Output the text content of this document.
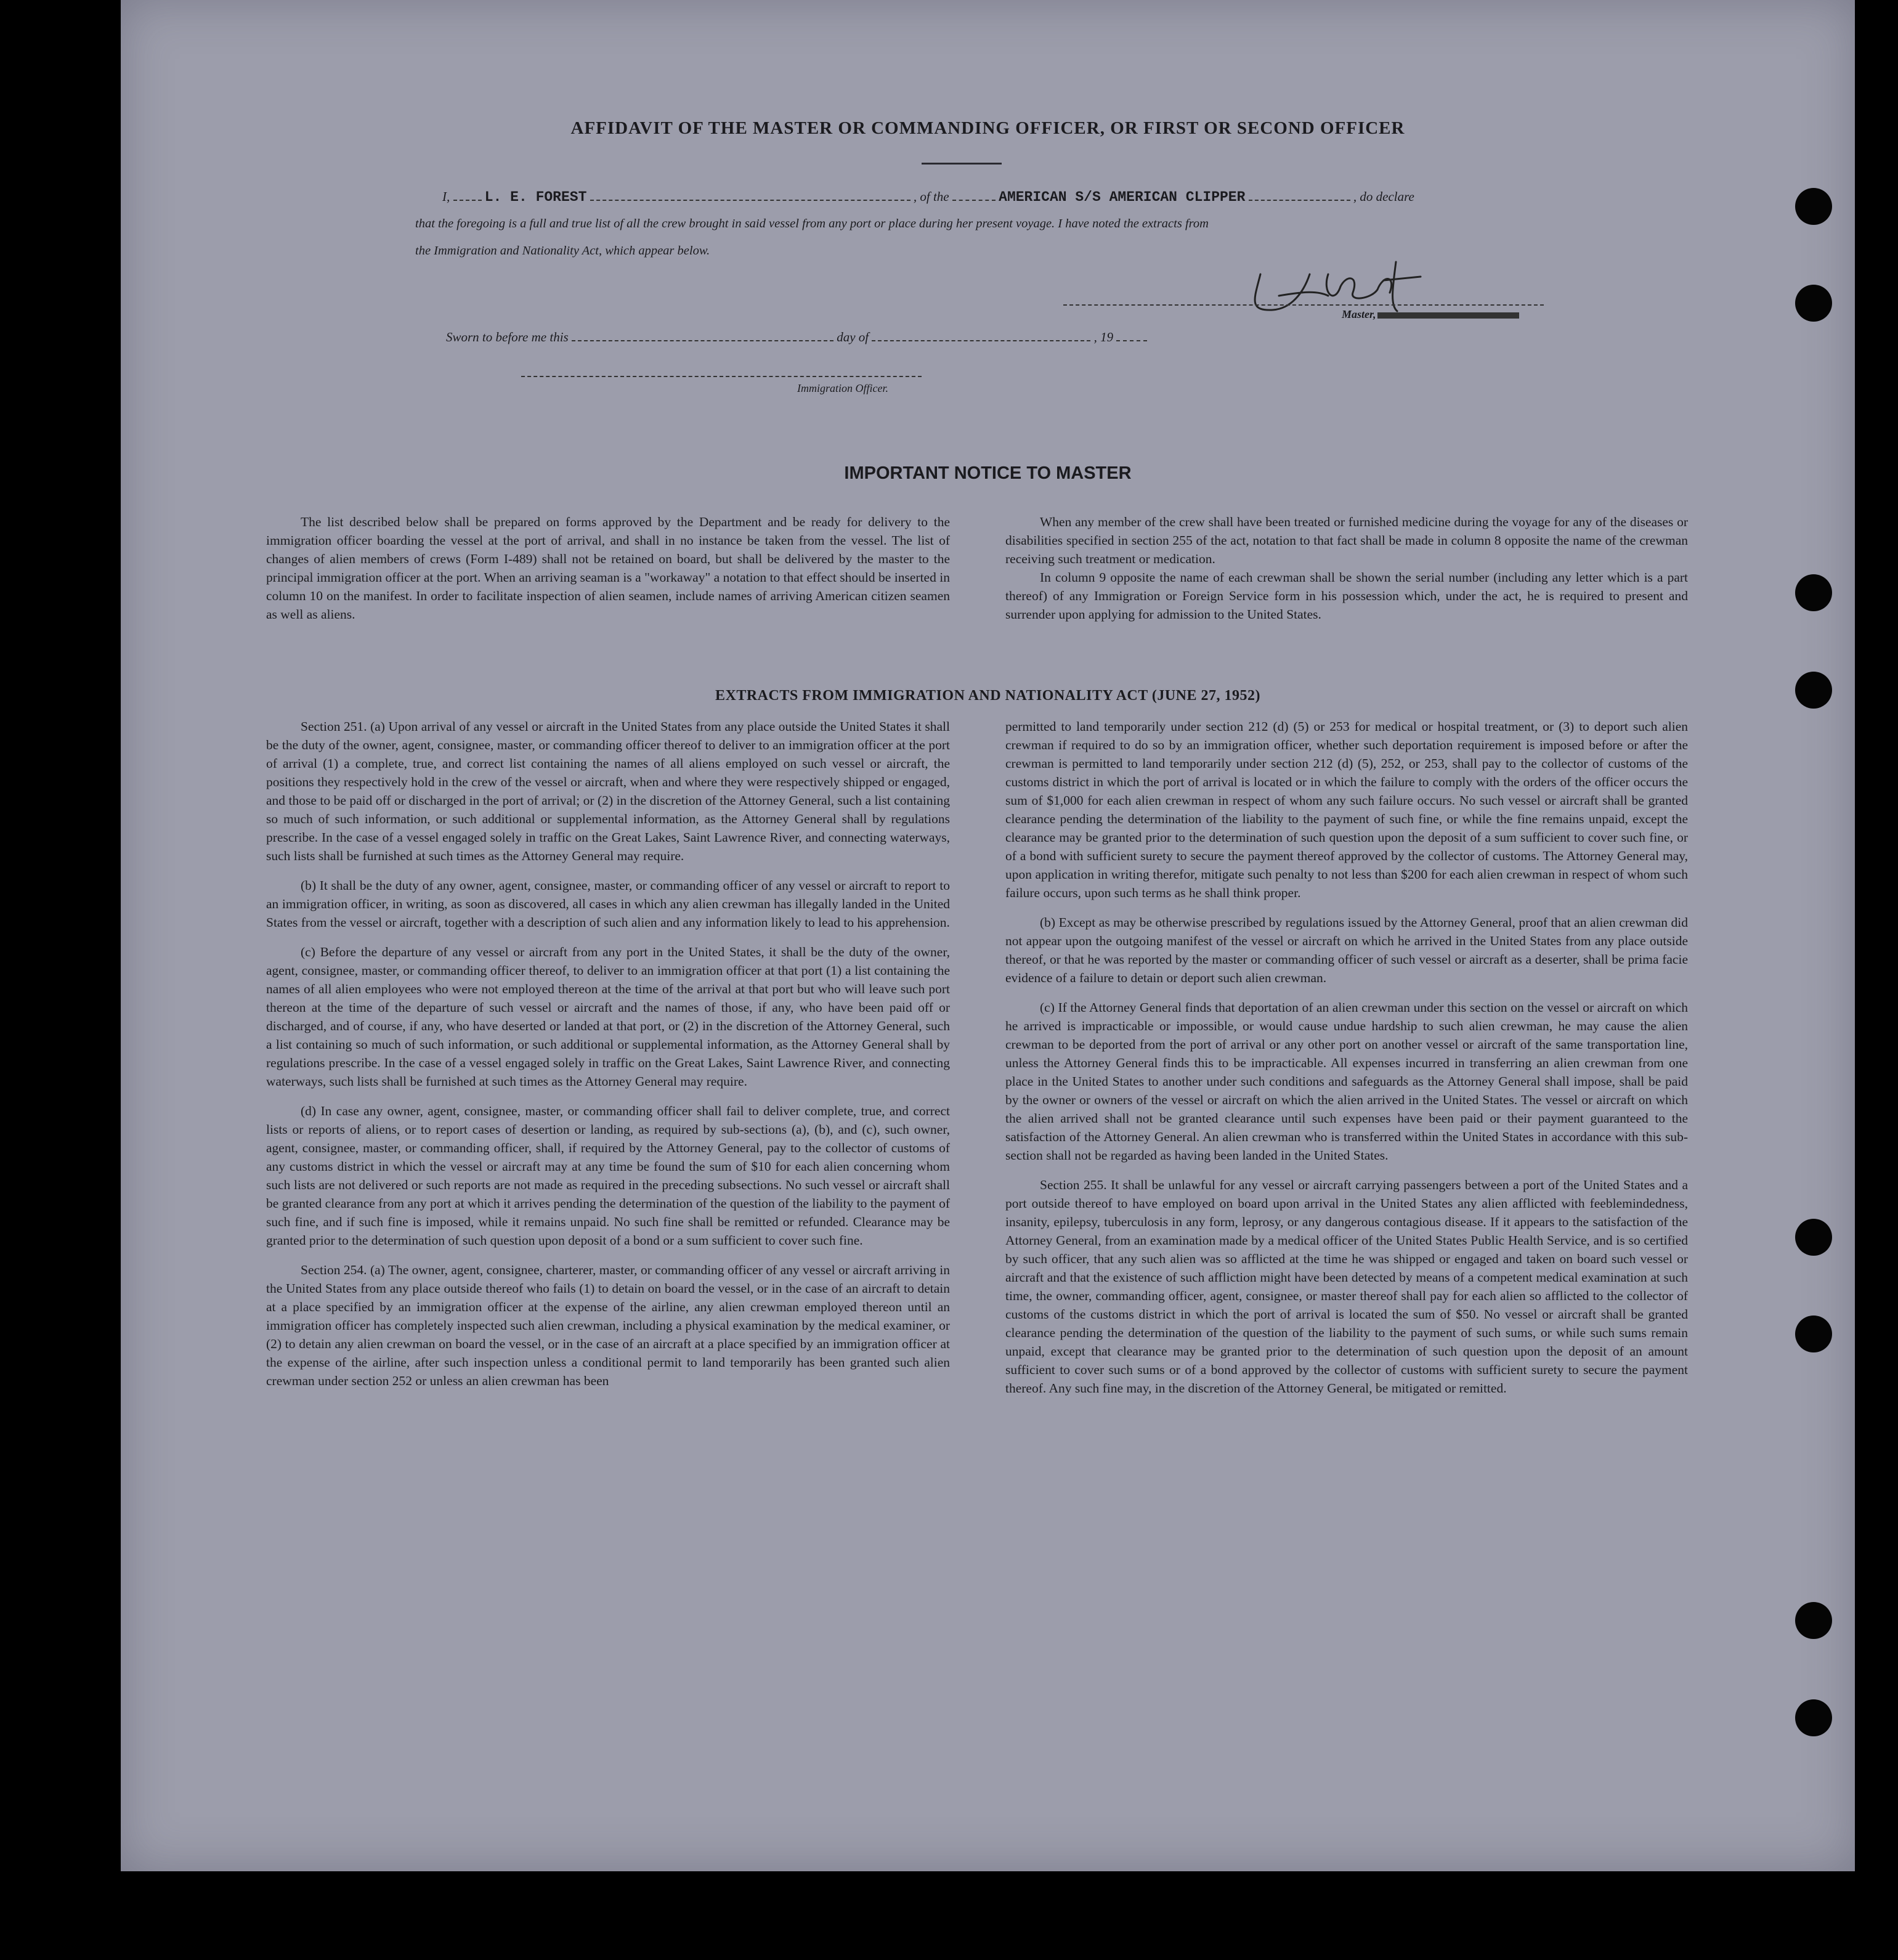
AFFIDAVIT OF THE MASTER OR COMMANDING OFFICER, OR FIRST OR SECOND OFFICER
I, L. E. FOREST	, of the	AMERICAN S/S AMERICAN CLIPPER	, do declare
that the foregoing is a full and true list of all the crew brought in said vessel from any port or place during her present voyage. I have noted the extracts from
the Immigration and Nationality Act, which appear below.
Master,
Sworn to before me this	day of	, 19
Immigration Officer.
IMPORTANT NOTICE TO MASTER

The list described below shall be prepared on forms approved by the Department and be ready for delivery to the immigration officer boarding the vessel at the port of arrival, and shall in no instance be taken from the vessel. The list of changes of alien members of crews (Form I-489) shall not be retained on board, but shall be delivered by the master to the principal immigration officer at the port. When an arriving seaman is a "workaway" a notation to that effect should be inserted in column 10 on the manifest. In order to facilitate inspection of alien seamen, include names of arriving American citizen seamen as well as aliens.

When any member of the crew shall have been treated or furnished medicine during the voyage for any of the diseases or disabilities specified in section 255 of the act, notation to that fact shall be made in column 8 opposite the name of the crewman receiving such treatment or medication.

In column 9 opposite the name of each crewman shall be shown the serial number (including any letter which is a part thereof) of any Immigration or Foreign Service form in his possession which, under the act, he is required to present and surrender upon applying for admission to the United States.

EXTRACTS FROM IMMIGRATION AND NATIONALITY ACT (JUNE 27, 1952)

Section 251. (a) Upon arrival of any vessel or aircraft in the United States from any place outside the United States it shall be the duty of the owner, agent, consignee, master, or commanding officer thereof to deliver to an immigration officer at the port of arrival (1) a complete, true, and correct list containing the names of all aliens employed on such vessel or aircraft, the positions they respectively hold in the crew of the vessel or aircraft, when and where they were respectively shipped or engaged, and those to be paid off or discharged in the port of arrival; or (2) in the discretion of the Attorney General, such a list containing so much of such information, or such additional or supplemental information, as the Attorney General shall by regulations prescribe. In the case of a vessel engaged solely in traffic on the Great Lakes, Saint Lawrence River, and connecting waterways, such lists shall be furnished at such times as the Attorney General may require.

(b) It shall be the duty of any owner, agent, consignee, master, or commanding officer of any vessel or aircraft to report to an immigration officer, in writing, as soon as discovered, all cases in which any alien crewman has illegally landed in the United States from the vessel or aircraft, together with a description of such alien and any information likely to lead to his apprehension.

(c) Before the departure of any vessel or aircraft from any port in the United States, it shall be the duty of the owner, agent, consignee, master, or commanding officer thereof, to deliver to an immigration officer at that port (1) a list containing the names of all alien employees who were not employed thereon at the time of the arrival at that port but who will leave such port thereon at the time of the departure of such vessel or aircraft and the names of those, if any, who have been paid off or discharged, and of course, if any, who have deserted or landed at that port, or (2) in the discretion of the Attorney General, such a list containing so much of such information, or such additional or supplemental information, as the Attorney General shall by regulations prescribe. In the case of a vessel engaged solely in traffic on the Great Lakes, Saint Lawrence River, and connecting waterways, such lists shall be furnished at such times as the Attorney General may require.

(d) In case any owner, agent, consignee, master, or commanding officer shall fail to deliver complete, true, and correct lists or reports of aliens, or to report cases of desertion or landing, as required by sub-sections (a), (b), and (c), such owner, agent, consignee, master, or commanding officer, shall, if required by the Attorney General, pay to the collector of customs of any customs district in which the vessel or aircraft may at any time be found the sum of $10 for each alien concerning whom such lists are not delivered or such reports are not made as required in the preceding subsections. No such vessel or aircraft shall be granted clearance from any port at which it arrives pending the determination of the question of the liability to the payment of such fine, and if such fine is imposed, while it remains unpaid. No such fine shall be remitted or refunded. Clearance may be granted prior to the determination of such question upon deposit of a bond or a sum sufficient to cover such fine.

Section 254. (a) The owner, agent, consignee, charterer, master, or commanding officer of any vessel or aircraft arriving in the United States from any place outside thereof who fails (1) to detain on board the vessel, or in the case of an aircraft to detain at a place specified by an immigration officer at the expense of the airline, any alien crewman employed thereon until an immigration officer has completely inspected such alien crewman, including a physical examination by the medical examiner, or (2) to detain any alien crewman on board the vessel, or in the case of an aircraft at a place specified by an immigration officer at the expense of the airline, after such inspection unless a conditional permit to land temporarily has been granted such alien crewman under section 252 or unless an alien crewman has been

permitted to land temporarily under section 212 (d) (5) or 253 for medical or hospital treatment, or (3) to deport such alien crewman if required to do so by an immigration officer, whether such deportation requirement is imposed before or after the crewman is permitted to land temporarily under section 212 (d) (5), 252, or 253, shall pay to the collector of customs of the customs district in which the port of arrival is located or in which the failure to comply with the orders of the officer occurs the sum of $1,000 for each alien crewman in respect of whom any such failure occurs. No such vessel or aircraft shall be granted clearance pending the determination of the liability to the payment of such fine, or while the fine remains unpaid, except the clearance may be granted prior to the determination of such question upon the deposit of a sum sufficient to cover such fine, or of a bond with sufficient surety to secure the payment thereof approved by the collector of customs. The Attorney General may, upon application in writing therefor, mitigate such penalty to not less than $200 for each alien crewman in respect of whom such failure occurs, upon such terms as he shall think proper.

(b) Except as may be otherwise prescribed by regulations issued by the Attorney General, proof that an alien crewman did not appear upon the outgoing manifest of the vessel or aircraft on which he arrived in the United States from any place outside thereof, or that he was reported by the master or commanding officer of such vessel or aircraft as a deserter, shall be prima facie evidence of a failure to detain or deport such alien crewman.

(c) If the Attorney General finds that deportation of an alien crewman under this section on the vessel or aircraft on which he arrived is impracticable or impossible, or would cause undue hardship to such alien crewman, he may cause the alien crewman to be deported from the port of arrival or any other port on another vessel or aircraft of the same transportation line, unless the Attorney General finds this to be impracticable. All expenses incurred in transferring an alien crewman from one place in the United States to another under such conditions and safeguards as the Attorney General shall impose, shall be paid by the owner or owners of the vessel or aircraft on which the alien arrived in the United States. The vessel or aircraft on which the alien arrived shall not be granted clearance until such expenses have been paid or their payment guaranteed to the satisfaction of the Attorney General. An alien crewman who is transferred within the United States in accordance with this sub-section shall not be regarded as having been landed in the United States.

Section 255. It shall be unlawful for any vessel or aircraft carrying passengers between a port of the United States and a port outside thereof to have employed on board upon arrival in the United States any alien afflicted with feeblemindedness, insanity, epilepsy, tuberculosis in any form, leprosy, or any dangerous contagious disease. If it appears to the satisfaction of the Attorney General, from an examination made by a medical officer of the United States Public Health Service, and is so certified by such officer, that any such alien was so afflicted at the time he was shipped or engaged and taken on board such vessel or aircraft and that the existence of such affliction might have been detected by means of a competent medical examination at such time, the owner, commanding officer, agent, consignee, or master thereof shall pay for each alien so afflicted to the collector of customs of the customs district in which the port of arrival is located the sum of $50. No vessel or aircraft shall be granted clearance pending the determination of the question of the liability to the payment of such sums, or while such sums remain unpaid, except that clearance may be granted prior to the determination of such question upon the deposit of an amount sufficient to cover such sums or of a bond approved by the collector of customs with sufficient surety to secure the payment thereof. Any such fine may, in the discretion of the Attorney General, be mitigated or remitted.
